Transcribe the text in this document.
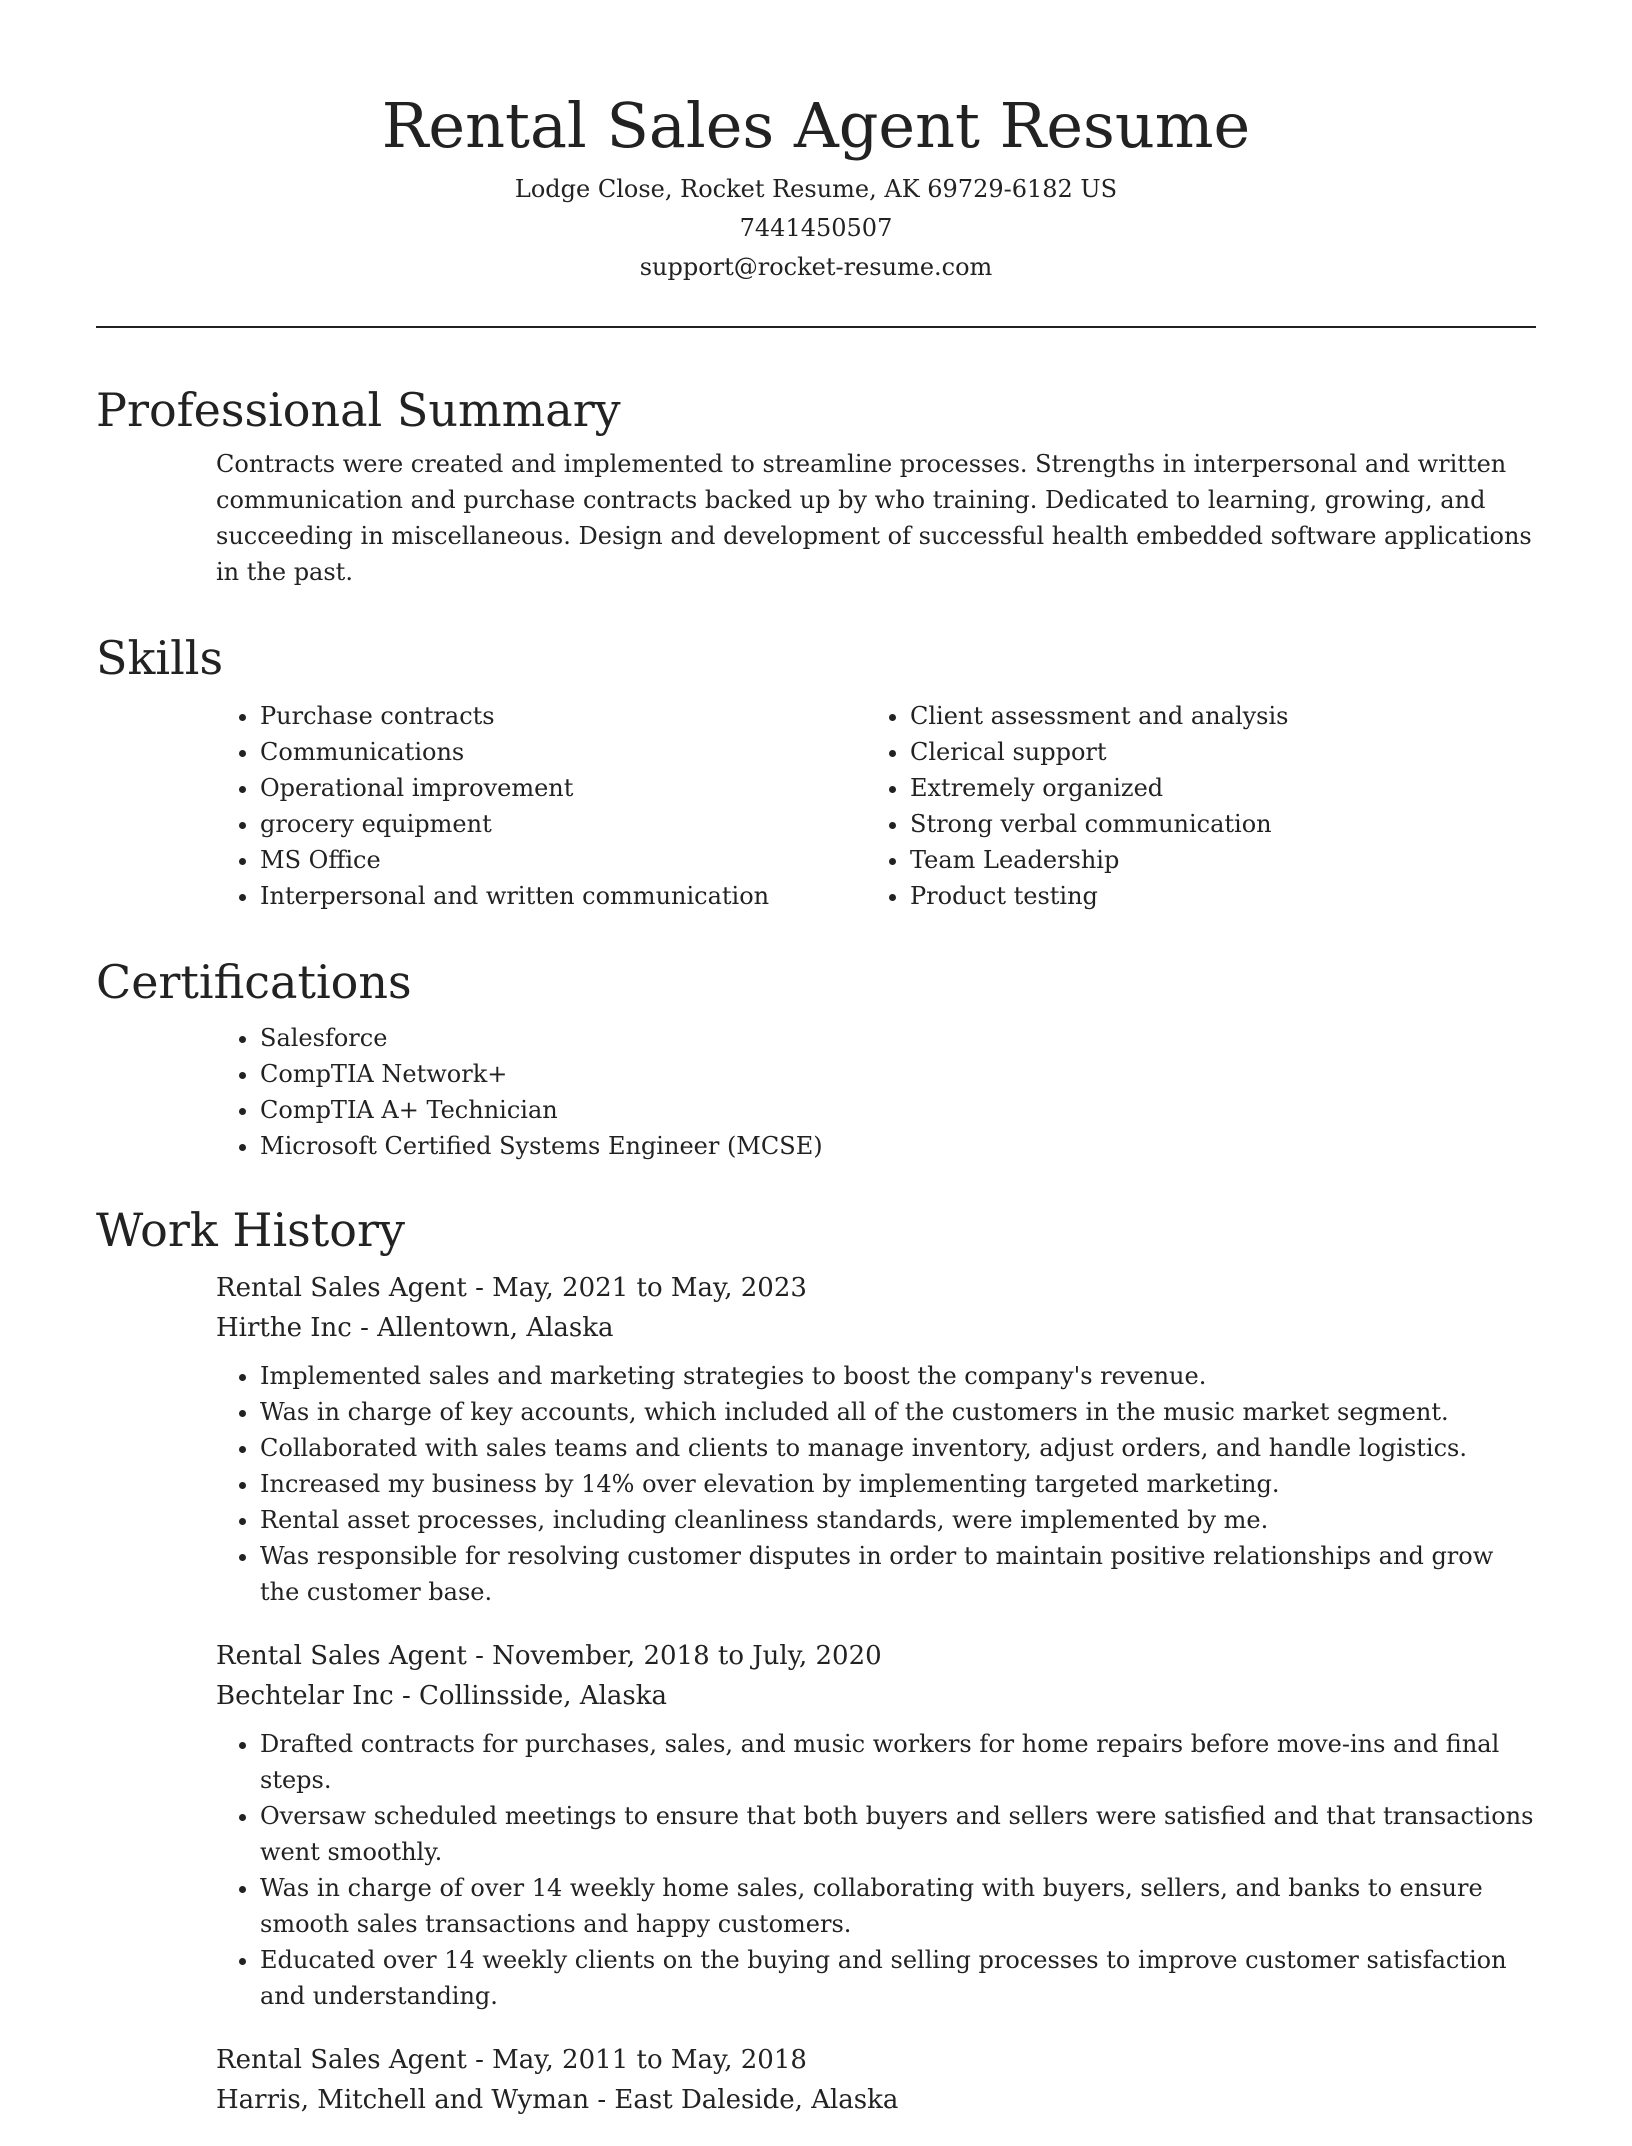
Rental Sales Agent Resume

Lodge Close, Rocket Resume, AK 69729-6182 US

7441450507

support@rocket-resume.com

Professional Summary
Contracts were created and implemented to streamline processes. Strengths in interpersonal and written communication and purchase contracts backed up by who training. Dedicated to learning, growing, and succeeding in miscellaneous. Design and development of successful health embedded software applications in the past.
Skills
• Purchase contracts
• Communications
• Operational improvement
• grocery equipment
• MS Office
• Interpersonal and written communication
• Client assessment and analysis
• Clerical support
• Extremely organized
• Strong verbal communication
• Team Leadership
• Product testing
Certifications
• Salesforce
• CompTIA Network+
• CompTIA A+ Technician
• Microsoft Certified Systems Engineer (MCSE)
Work History
Rental Sales Agent - May, 2021 to May, 2023
Hirthe Inc - Allentown, Alaska
• Implemented sales and marketing strategies to boost the company's revenue.
• Was in charge of key accounts, which included all of the customers in the music market segment.
• Collaborated with sales teams and clients to manage inventory, adjust orders, and handle logistics.
• Increased my business by 14% over elevation by implementing targeted marketing.
• Rental asset processes, including cleanliness standards, were implemented by me.
• Was responsible for resolving customer disputes in order to maintain positive relationships and grow the customer base.
Rental Sales Agent - November, 2018 to July, 2020
Bechtelar Inc - Collinsside, Alaska
• Drafted contracts for purchases, sales, and music workers for home repairs before move-ins and final steps.
• Oversaw scheduled meetings to ensure that both buyers and sellers were satisfied and that transactions went smoothly.
• Was in charge of over 14 weekly home sales, collaborating with buyers, sellers, and banks to ensure smooth sales transactions and happy customers.
• Educated over 14 weekly clients on the buying and selling processes to improve customer satisfaction and understanding.
Rental Sales Agent - May, 2011 to May, 2018
Harris, Mitchell and Wyman - East Daleside, Alaska
